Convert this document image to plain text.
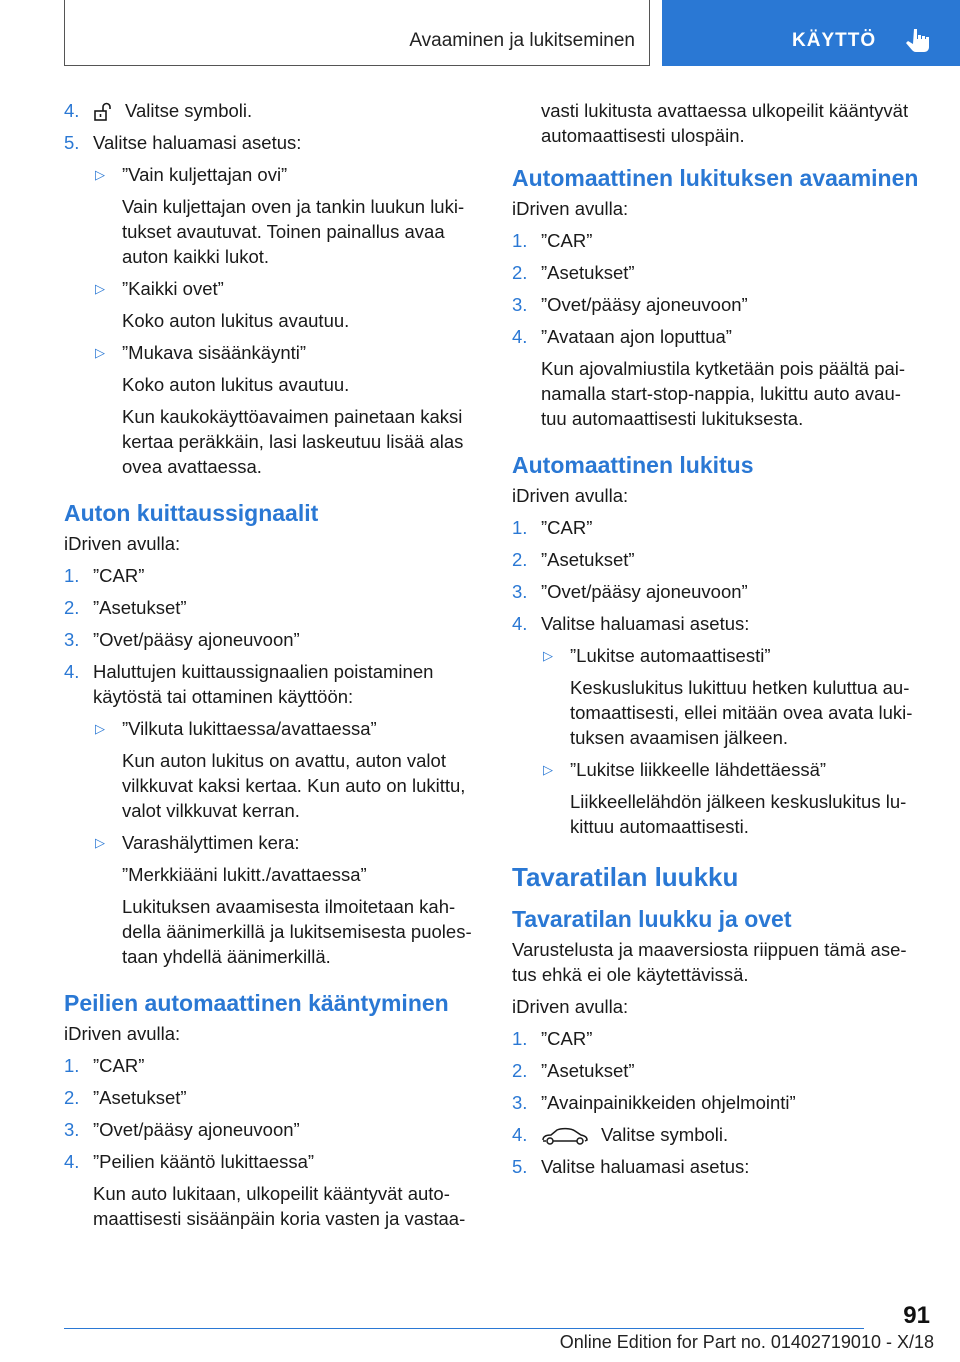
Avaaminen ja lukitseminen	KÄYTTÖ
4.	Valitse symboli.
5. Valitse haluamasi asetus:
▷ ”Vain kuljettajan ovi”
Vain kuljettajan oven ja tankin luukun luki-tukset avautuvat. Toinen painallus avaa auton kaikki lukot.
▷ ”Kaikki ovet”
Koko auton lukitus avautuu.
▷ ”Mukava sisäänkäynti”
Koko auton lukitus avautuu.
Kun kaukokäyttöavaimen painetaan kaksi kertaa peräkkäin, lasi laskeutuu lisää alas ovea avattaessa.
Auton kuittaussignaalit
iDriven avulla:
1. ”CAR”
2. ”Asetukset”
3. ”Ovet/pääsy ajoneuvoon”
4. Haluttujen kuittaussignaalien poistaminen käytöstä tai ottaminen käyttöön:
▷ ”Vilkuta lukittaessa/avattaessa”
Kun auton lukitus on avattu, auton valot vilkkuvat kaksi kertaa. Kun auto on lukittu, valot vilkkuvat kerran.
▷ Varashälyttimen kera:
”Merkkiääni lukitt./avattaessa”
Lukituksen avaamisesta ilmoitetaan kah-della äänimerkillä ja lukitsemisesta puoles-taan yhdellä äänimerkillä.
Peilien automaattinen kääntyminen
iDriven avulla:
1. ”CAR”
2. ”Asetukset”
3. ”Ovet/pääsy ajoneuvoon”
4. ”Peilien kääntö lukittaessa”
Kun auto lukitaan, ulkopeilit kääntyvät auto-maattisesti sisäänpäin koria vasten ja vastaa-
vasti lukitusta avattaessa ulkopeilit kääntyvät automaattisesti ulospäin.
Automaattinen lukituksen avaaminen
iDriven avulla:
1. ”CAR”
2. ”Asetukset”
3. ”Ovet/pääsy ajoneuvoon”
4. ”Avataan ajon loputtua”
Kun ajovalmiustila kytketään pois päältä pai-namalla start-stop-nappia, lukittu auto avau-tuu automaattisesti lukituksesta.
Automaattinen lukitus
iDriven avulla:
1. ”CAR”
2. ”Asetukset”
3. ”Ovet/pääsy ajoneuvoon”
4. Valitse haluamasi asetus:
▷ ”Lukitse automaattisesti”
Keskuslukitus lukittuu hetken kuluttua au-tomaattisesti, ellei mitään ovea avata luki-tuksen avaamisen jälkeen.
▷ ”Lukitse liikkeelle lähdettäessä”
Liikkeellelähdön jälkeen keskuslukitus lu-kittuu automaattisesti.
Tavaratilan luukku
Tavaratilan luukku ja ovet
Varustelusta ja maaversiosta riippuen tämä ase-tus ehkä ei ole käytettävissä.
iDriven avulla:
1. ”CAR”
2. ”Asetukset”
3. ”Avainpainikkeiden ohjelmointi”
4.	Valitse symboli.
5. Valitse haluamasi asetus:
91
Online Edition for Part no. 01402719010 - X/18
